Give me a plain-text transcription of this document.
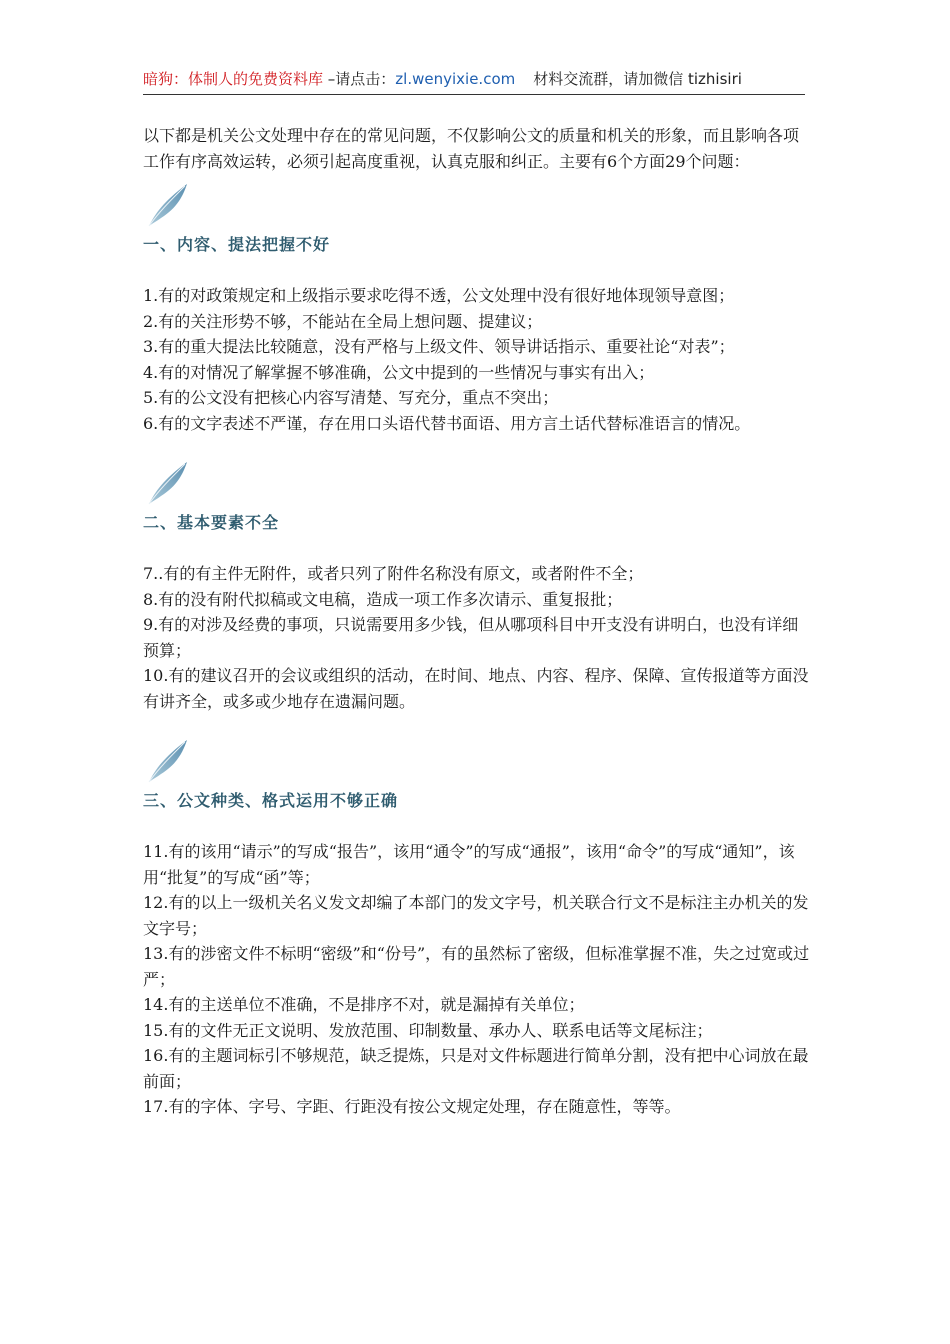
暗狗：体制人的免费资料库 –请点击：zl.wenyixie.com 材料交流群，请加微信 tizhisiri

以下都是机关公文处理中存在的常见问题，不仅影响公文的质量和机关的形象，而且影响各项工作有序高效运转，必须引起高度重视，认真克服和纠正。主要有6个方面29个问题：

一、内容、提法把握不好

1.有的对政策规定和上级指示要求吃得不透，公文处理中没有很好地体现领导意图；

2.有的关注形势不够，不能站在全局上想问题、提建议；

3.有的重大提法比较随意，没有严格与上级文件、领导讲话指示、重要社论“对表”；

4.有的对情况了解掌握不够准确，公文中提到的一些情况与事实有出入；

5.有的公文没有把核心内容写清楚、写充分，重点不突出；

6.有的文字表述不严谨，存在用口头语代替书面语、用方言土话代替标准语言的情况。

二、基本要素不全

7..有的有主件无附件，或者只列了附件名称没有原文，或者附件不全；

8.有的没有附代拟稿或文电稿，造成一项工作多次请示、重复报批；

9.有的对涉及经费的事项，只说需要用多少钱，但从哪项科目中开支没有讲明白，也没有详细预算；

10.有的建议召开的会议或组织的活动，在时间、地点、内容、程序、保障、宣传报道等方面没有讲齐全，或多或少地存在遗漏问题。

三、公文种类、格式运用不够正确

11.有的该用“请示”的写成“报告”，该用“通令”的写成“通报”，该用“命令”的写成“通知”，该用“批复”的写成“函”等；

12.有的以上一级机关名义发文却编了本部门的发文字号，机关联合行文不是标注主办机关的发文字号；

13.有的涉密文件不标明“密级”和“份号”，有的虽然标了密级，但标准掌握不准，失之过宽或过严；

14.有的主送单位不准确，不是排序不对，就是漏掉有关单位；

15.有的文件无正文说明、发放范围、印制数量、承办人、联系电话等文尾标注；

16.有的主题词标引不够规范，缺乏提炼，只是对文件标题进行简单分割，没有把中心词放在最前面；

17.有的字体、字号、字距、行距没有按公文规定处理，存在随意性，等等。
